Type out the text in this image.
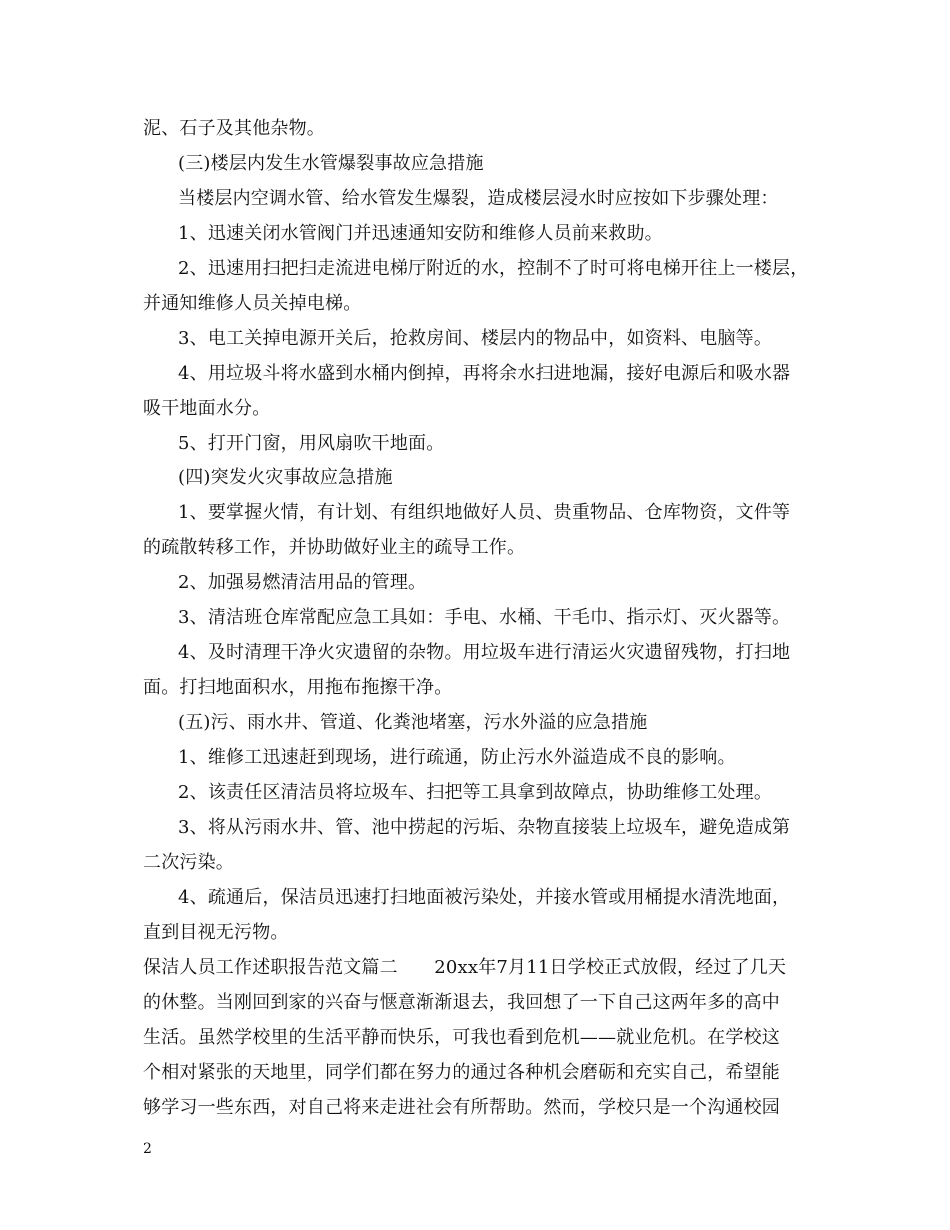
泥、石子及其他杂物。
(三)楼层内发生水管爆裂事故应急措施
当楼层内空调水管、给水管发生爆裂，造成楼层浸水时应按如下步骤处理：
1、迅速关闭水管阀门并迅速通知安防和维修人员前来救助。
2、迅速用扫把扫走流进电梯厅附近的水，控制不了时可将电梯开往上一楼层，
并通知维修人员关掉电梯。
3、电工关掉电源开关后，抢救房间、楼层内的物品中，如资料、电脑等。
4、用垃圾斗将水盛到水桶内倒掉，再将余水扫进地漏，接好电源后和吸水器
吸干地面水分。
5、打开门窗，用风扇吹干地面。
(四)突发火灾事故应急措施
1、要掌握火情，有计划、有组织地做好人员、贵重物品、仓库物资，文件等
的疏散转移工作，并协助做好业主的疏导工作。
2、加强易燃清洁用品的管理。
3、清洁班仓库常配应急工具如：手电、水桶、干毛巾、指示灯、灭火器等。
4、及时清理干净火灾遗留的杂物。用垃圾车进行清运火灾遗留残物，打扫地
面。打扫地面积水，用拖布拖擦干净。
(五)污、雨水井、管道、化粪池堵塞，污水外溢的应急措施
1、维修工迅速赶到现场，进行疏通，防止污水外溢造成不良的影响。
2、该责任区清洁员将垃圾车、扫把等工具拿到故障点，协助维修工处理。
3、将从污雨水井、管、池中捞起的污垢、杂物直接装上垃圾车，避免造成第
二次污染。
4、疏通后，保洁员迅速打扫地面被污染处，并接水管或用桶提水清洗地面，
直到目视无污物。
保洁人员工作述职报告范文篇二　　20xx年7月11日学校正式放假，经过了几天
的休整。当刚回到家的兴奋与惬意渐渐退去，我回想了一下自己这两年多的高中
生活。虽然学校里的生活平静而快乐，可我也看到危机——就业危机。在学校这
个相对紧张的天地里，同学们都在努力的通过各种机会磨砺和充实自己，希望能
够学习一些东西，对自己将来走进社会有所帮助。然而，学校只是一个沟通校园
2
